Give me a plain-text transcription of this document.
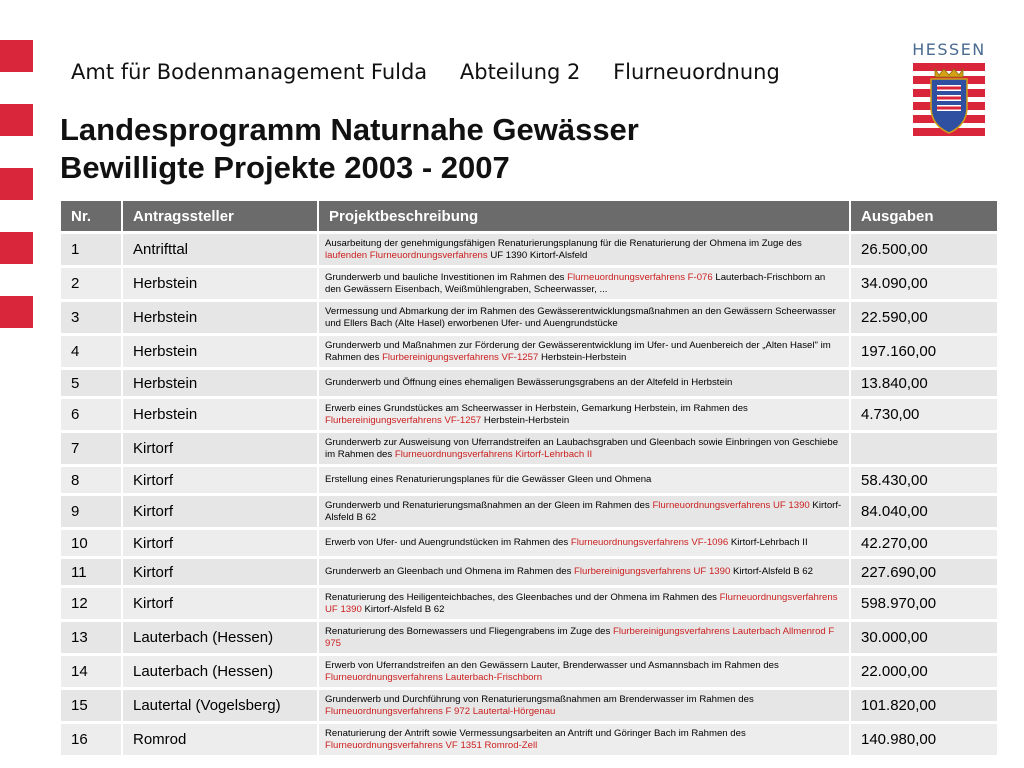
Amt für Bodenmanagement Fulda Abteilung 2 Flurneuordnung
HESSEN
Landesprogramm Naturnahe Gewässer
Bewilligte Projekte 2003 - 2007
Nr.	Antragssteller	Projektbeschreibung	Ausgaben
1	Antrifttal	Ausarbeitung der genehmigungsfähigen Renaturierungsplanung für die Renaturierung der Ohmena im Zuge des laufenden Flurneuordnungsverfahrens UF 1390 Kirtorf-Alsfeld	26.500,00
2	Herbstein	Grunderwerb und bauliche Investitionen im Rahmen des Flurneuordnungsverfahrens F-076 Lauterbach-Frischborn an den Gewässern Eisenbach, Weißmühlengraben, Scheerwasser, ...	34.090,00
3	Herbstein	Vermessung und Abmarkung der im Rahmen des Gewässerentwicklungsmaßnahmen an den Gewässern Scheerwasser und Ellers Bach (Alte Hasel) erworbenen Ufer- und Auengrundstücke	22.590,00
4	Herbstein	Grunderwerb und Maßnahmen zur Förderung der Gewässerentwicklung im Ufer- und Auenbereich der „Alten Hasel" im Rahmen des Flurbereinigungsverfahrens VF-1257 Herbstein-Herbstein	197.160,00
5	Herbstein	Grunderwerb und Öffnung eines ehemaligen Bewässerungsgrabens an der Altefeld in Herbstein	13.840,00
6	Herbstein	Erwerb eines Grundstückes am Scheerwasser in Herbstein, Gemarkung Herbstein, im Rahmen des Flurbereinigungsverfahrens VF-1257 Herbstein-Herbstein	4.730,00
7	Kirtorf	Grunderwerb zur Ausweisung von Uferrandstreifen an Laubachsgraben und Gleenbach sowie Einbringen von Geschiebe im Rahmen des Flurneuordnungsverfahrens Kirtorf-Lehrbach II	
8	Kirtorf	Erstellung eines Renaturierungsplanes für die Gewässer Gleen und Ohmena	58.430,00
9	Kirtorf	Grunderwerb und Renaturierungsmaßnahmen an der Gleen im Rahmen des Flurneuordnungsverfahrens UF 1390 Kirtorf-Alsfeld B 62	84.040,00
10	Kirtorf	Erwerb von Ufer- und Auengrundstücken im Rahmen des Flurneuordnungsverfahrens VF-1096 Kirtorf-Lehrbach II	42.270,00
11	Kirtorf	Grunderwerb an Gleenbach und Ohmena im Rahmen des Flurbereinigungsverfahrens UF 1390 Kirtorf-Alsfeld B 62	227.690,00
12	Kirtorf	Renaturierung des Heiligenteichbaches, des Gleenbaches und der Ohmena im Rahmen des Flurneuordnungsverfahrens UF 1390 Kirtorf-Alsfeld B 62	598.970,00
13	Lauterbach (Hessen)	Renaturierung des Bornewassers und Fliegengrabens im Zuge des Flurbereinigungsverfahrens Lauterbach Allmenrod F 975	30.000,00
14	Lauterbach (Hessen)	Erwerb von Uferrandstreifen an den Gewässern Lauter, Brenderwasser und Asmannsbach im Rahmen des Flurneuordnungsverfahrens Lauterbach-Frischborn	22.000,00
15	Lautertal (Vogelsberg)	Grunderwerb und Durchführung von Renaturierungsmaßnahmen am Brenderwasser im Rahmen des Flurneuordnungsverfahrens F 972 Lautertal-Hörgenau	101.820,00
16	Romrod	Renaturierung der Antrift sowie Vermessungsarbeiten an Antrift und Göringer Bach im Rahmen des Flurneuordnungsverfahrens VF 1351 Romrod-Zell	140.980,00
